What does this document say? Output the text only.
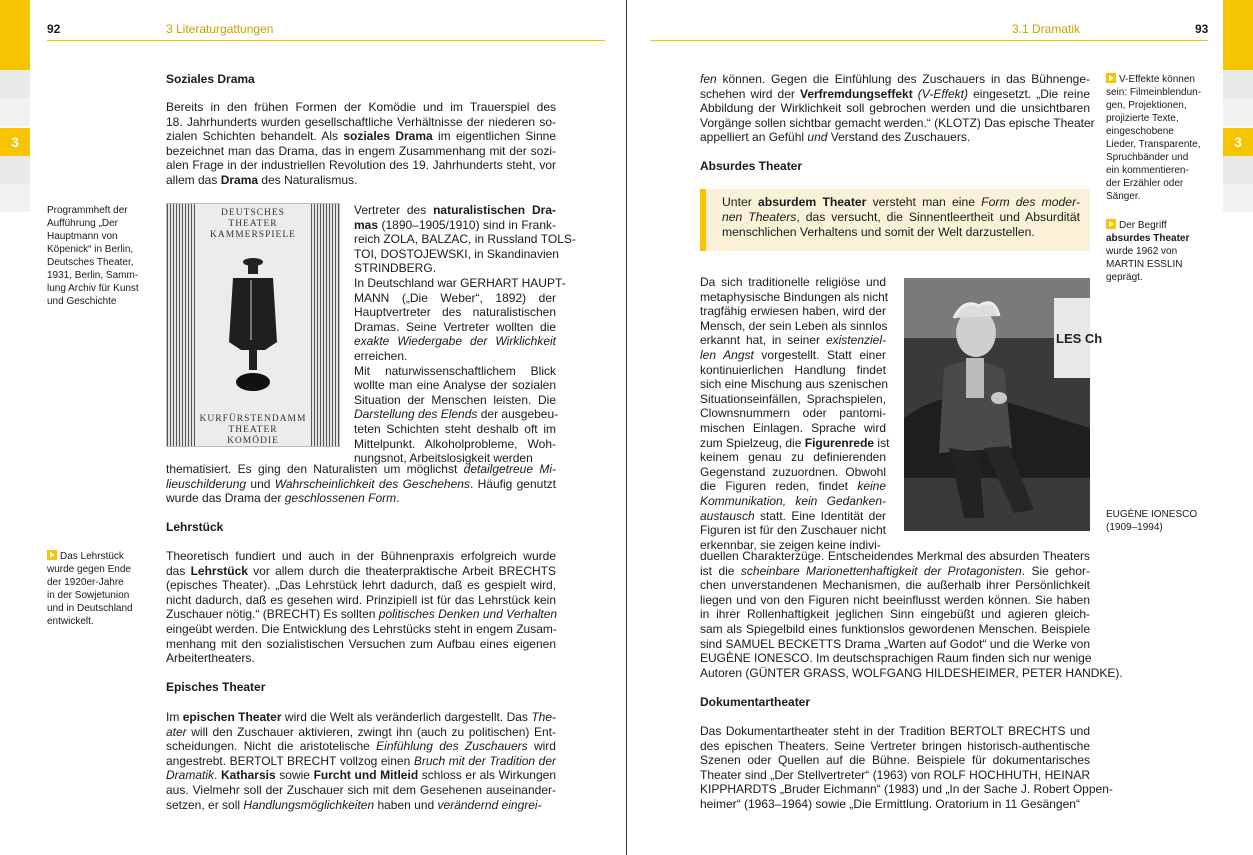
3
92	3 Literaturgattungen
Soziales Drama
Bereits in den frühen Formen der Komödie und im Trauerspiel des
18. Jahrhunderts wurden gesellschaftliche Verhältnisse der niederen so-
zialen Schichten behandelt. Als soziales Drama im eigentlichen Sinne
bezeichnet man das Drama, das in engem Zusammenhang mit der sozi-
alen Frage in der industriellen Revolution des 19. Jahrhunderts steht, vor
allem das Drama des Naturalismus.
Programmheft der
Aufführung „Der
Hauptmann von
Köpenick“ in Berlin,
Deutsches Theater,
1931, Berlin, Samm-
lung Archiv für Kunst
und Geschichte
DEUTSCHES
THEATER
KAMMERSPIELE
KURFÜRSTENDAMM
THEATER
KOMÖDIE
Vertreter des naturalistischen Dra-
mas (1890–1905/1910) sind in Frank-
reich ZOLA, BALZAC, in Russland TOLS-
TOI, DOSTOJEWSKI, in Skandinavien
STRINDBERG.
In Deutschland war GERHART HAUPT-
MANN („Die Weber“, 1892) der
Hauptvertreter des naturalistischen
Dramas. Seine Vertreter wollten die
exakte Wiedergabe der Wirklichkeit
erreichen.
Mit naturwissenschaftlichem Blick
wollte man eine Analyse der sozialen
Situation der Menschen leisten. Die
Darstellung des Elends der ausgebeu-
teten Schichten steht deshalb oft im
Mittelpunkt. Alkoholprobleme, Woh-
nungsnot, Arbeitslosigkeit werden
thematisiert. Es ging den Naturalisten um möglichst detailgetreue Mi-
lieuschilderung und Wahrscheinlichkeit des Geschehens. Häufig genutzt
wurde das Drama der geschlossenen Form.
Lehrstück
Das Lehrstück
wurde gegen Ende
der 1920er-Jahre
in der Sowjetunion
und in Deutschland
entwickelt.
Theoretisch fundiert und auch in der Bühnenpraxis erfolgreich wurde
das Lehrstück vor allem durch die theaterpraktische Arbeit BRECHTS
(episches Theater). „Das Lehrstück lehrt dadurch, daß es gespielt wird,
nicht dadurch, daß es gesehen wird. Prinzipiell ist für das Lehrstück kein
Zuschauer nötig.“ (BRECHT) Es sollten politisches Denken und Verhalten
eingeübt werden. Die Entwicklung des Lehrstücks steht in engem Zusam-
menhang mit den sozialistischen Versuchen zum Aufbau eines eigenen
Arbeitertheaters.
Episches Theater
Im epischen Theater wird die Welt als veränderlich dargestellt. Das The-
ater will den Zuschauer aktivieren, zwingt ihn (auch zu politischen) Ent-
scheidungen. Nicht die aristotelische Einfühlung des Zuschauers wird
angestrebt. BERTOLT BRECHT vollzog einen Bruch mit der Tradition der
Dramatik. Katharsis sowie Furcht und Mitleid schloss er als Wirkungen
aus. Vielmehr soll der Zuschauer sich mit dem Gesehenen auseinander-
setzen, er soll Handlungsmöglichkeiten haben und verändernd eingrei-
3
3.1 Dramatik	93
fen können. Gegen die Einfühlung des Zuschauers in das Bühnenge-
schehen wird der Verfremdungseffekt (V-Effekt) eingesetzt. „Die reine
Abbildung der Wirklichkeit soll gebrochen werden und die unsichtbaren
Vorgänge sollen sichtbar gemacht werden.“ (KLOTZ) Das epische Theater
appelliert an Gefühl und Verstand des Zuschauers.
V-Effekte können
sein: Filmeinblendun-
gen, Projektionen,
projizierte Texte,
eingeschobene
Lieder, Transparente,
Spruchbänder und
ein kommentieren-
der Erzähler oder
Sänger.
Der Begriff
absurdes Theater
wurde 1962 von
MARTIN ESSLIN
geprägt.
Absurdes Theater
Unter absurdem Theater versteht man eine Form des moder-
nen Theaters, das versucht, die Sinnentleertheit und Absurdität
menschlichen Verhaltens und somit der Welt darzustellen.
Da sich traditionelle religiöse und
metaphysische Bindungen als nicht
tragfähig erwiesen haben, wird der
Mensch, der sein Leben als sinnlos
erkannt hat, in seiner existenziel-
len Angst vorgestellt. Statt einer
kontinuierlichen Handlung findet
sich eine Mischung aus szenischen
Situationseinfällen, Sprachspielen,
Clownsnummern oder pantomi-
mischen Einlagen. Sprache wird
zum Spielzeug, die Figurenrede ist
keinem genau zu definierenden
Gegenstand zuzuordnen. Obwohl
die Figuren reden, findet keine
Kommunikation, kein Gedanken-
austausch statt. Eine Identität der
Figuren ist für den Zuschauer nicht
erkennbar, sie zeigen keine indivi-
LES Ch
EUGÈNE IONESCO
(1909–1994)
duellen Charakterzüge. Entscheidendes Merkmal des absurden Theaters
ist die scheinbare Marionettenhaftigkeit der Protagonisten. Sie gehor-
chen unverstandenen Mechanismen, die außerhalb ihrer Persönlichkeit
liegen und von den Figuren nicht beeinflusst werden können. Sie haben
in ihrer Rollenhaftigkeit jeglichen Sinn eingebüßt und agieren gleich-
sam als Spiegelbild eines funktionslos gewordenen Menschen. Beispiele
sind SAMUEL BECKETTS Drama „Warten auf Godot“ und die Werke von
EUGÈNE IONESCO. Im deutschsprachigen Raum finden sich nur wenige
Autoren (GÜNTER GRASS, WOLFGANG HILDESHEIMER, PETER HANDKE).
Dokumentartheater
Das Dokumentartheater steht in der Tradition BERTOLT BRECHTS und
des epischen Theaters. Seine Vertreter bringen historisch-authentische
Szenen oder Quellen auf die Bühne. Beispiele für dokumentarisches
Theater sind „Der Stellvertreter“ (1963) von ROLF HOCHHUTH, HEINAR
KIPPHARDTS „Bruder Eichmann“ (1983) und „In der Sache J. Robert Oppen-
heimer“ (1963–1964) sowie „Die Ermittlung. Oratorium in 11 Gesängen“
